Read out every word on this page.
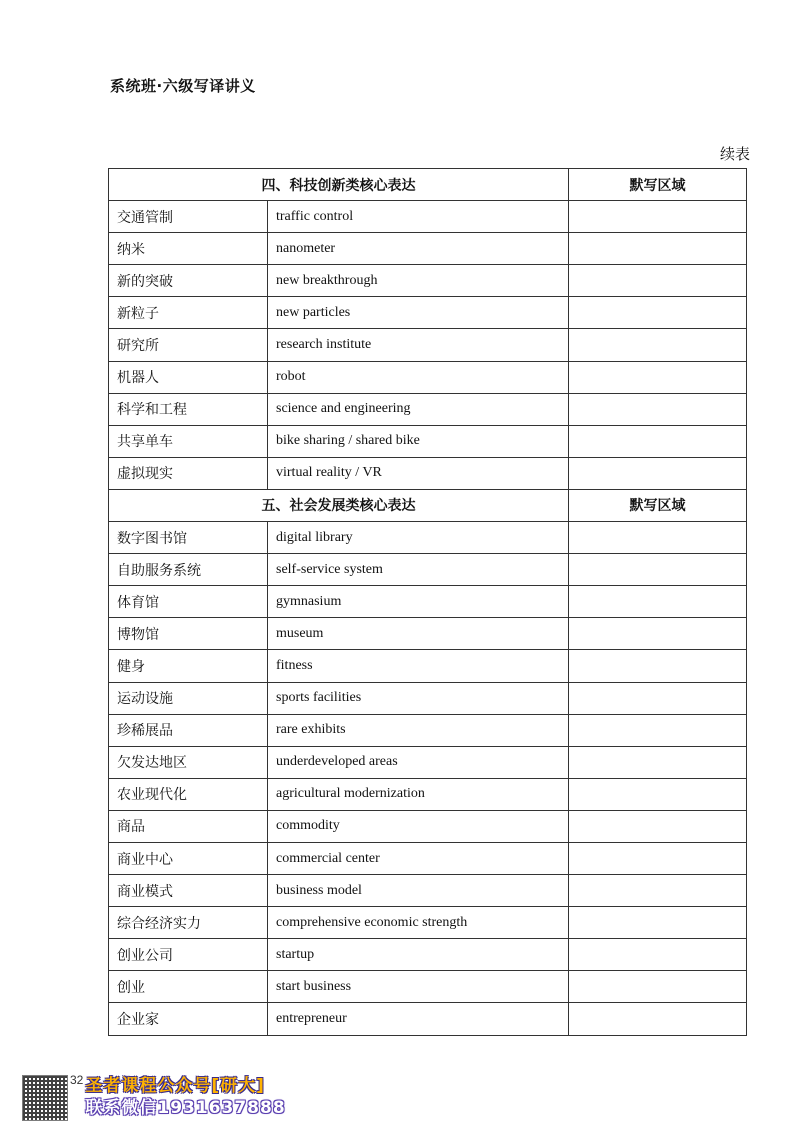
系统班·六级写译讲义
续表
四、科技创新类核心表达		默写区域
交通管制	traffic control	
纳米	nanometer	
新的突破	new breakthrough	
新粒子	new particles	
研究所	research institute	
机器人	robot	
科学和工程	science and engineering	
共享单车	bike sharing / shared bike	
虚拟现实	virtual reality / VR	
五、社会发展类核心表达		默写区域
数字图书馆	digital library	
自助服务系统	self-service system	
体育馆	gymnasium	
博物馆	museum	
健身	fitness	
运动设施	sports facilities	
珍稀展品	rare exhibits	
欠发达地区	underdeveloped areas	
农业现代化	agricultural modernization	
商品	commodity	
商业中心	commercial center	
商业模式	business model	
综合经济实力	comprehensive economic strength	
创业公司	startup	
创业	start business	
企业家	entrepreneur	
32 圣者课程公众号[研大]
联系微信1931637888
